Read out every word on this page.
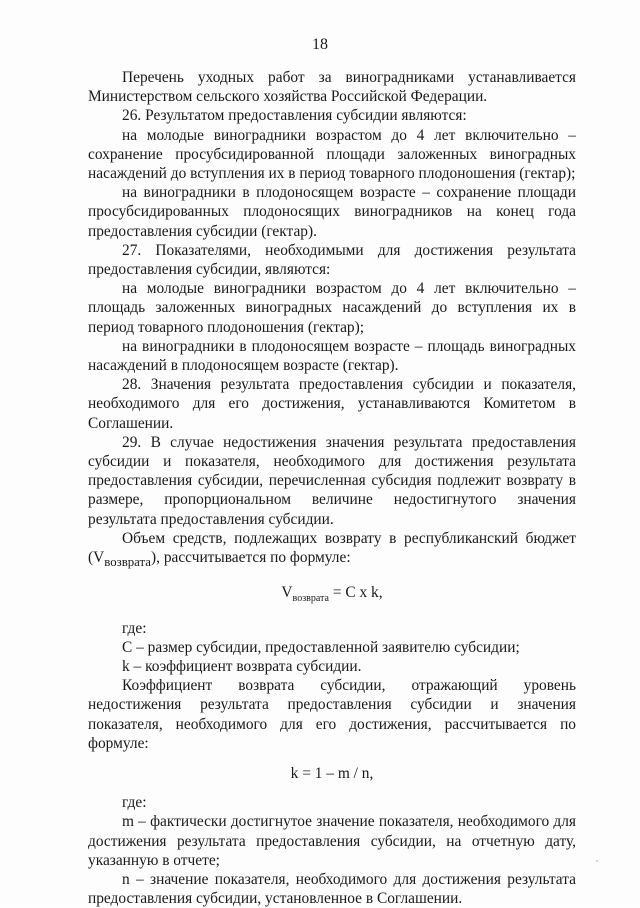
18

Перечень уходных работ за виноградниками устанавливается Министерством сельского хозяйства Российской Федерации.

26. Результатом предоставления субсидии являются:

на молодые виноградники возрастом до 4 лет включительно – сохранение просубсидированной площади заложенных виноградных насаждений до вступления их в период товарного плодоношения (гектар);

на виноградники в плодоносящем возрасте – сохранение площади просубсидированных плодоносящих виноградников на конец года предоставления субсидии (гектар).

27. Показателями, необходимыми для достижения результата предоставления субсидии, являются:

на молодые виноградники возрастом до 4 лет включительно – площадь заложенных виноградных насаждений до вступления их в период товарного плодоношения (гектар);

на виноградники в плодоносящем возрасте – площадь виноградных насаждений в плодоносящем возрасте (гектар).

28. Значения результата предоставления субсидии и показателя, необходимого для его достижения, устанавливаются Комитетом в Соглашении.

29. В случае недостижения значения результата предоставления субсидии и показателя, необходимого для достижения результата предоставления субсидии, перечисленная субсидия подлежит возврату в размере, пропорциональном величине недостигнутого значения результата предоставления субсидии.

Объем средств, подлежащих возврату в республиканский бюджет $(V_{возврата})$, рассчитывается по формуле:

$V_{возврата} = C$ x k,

где:

C – размер субсидии, предоставленной заявителю субсидии;

k – коэффициент возврата субсидии.

Коэффициент возврата субсидии, отражающий уровень недостижения результата предоставления субсидии и значения показателя, необходимого для его достижения, рассчитывается по формуле:

k = 1 – m / n,

где:

m – фактически достигнутое значение показателя, необходимого для достижения результата предоставления субсидии, на отчетную дату, указанную в отчете;

n – значение показателя, необходимого для достижения результата предоставления субсидии, установленное в Соглашении.
